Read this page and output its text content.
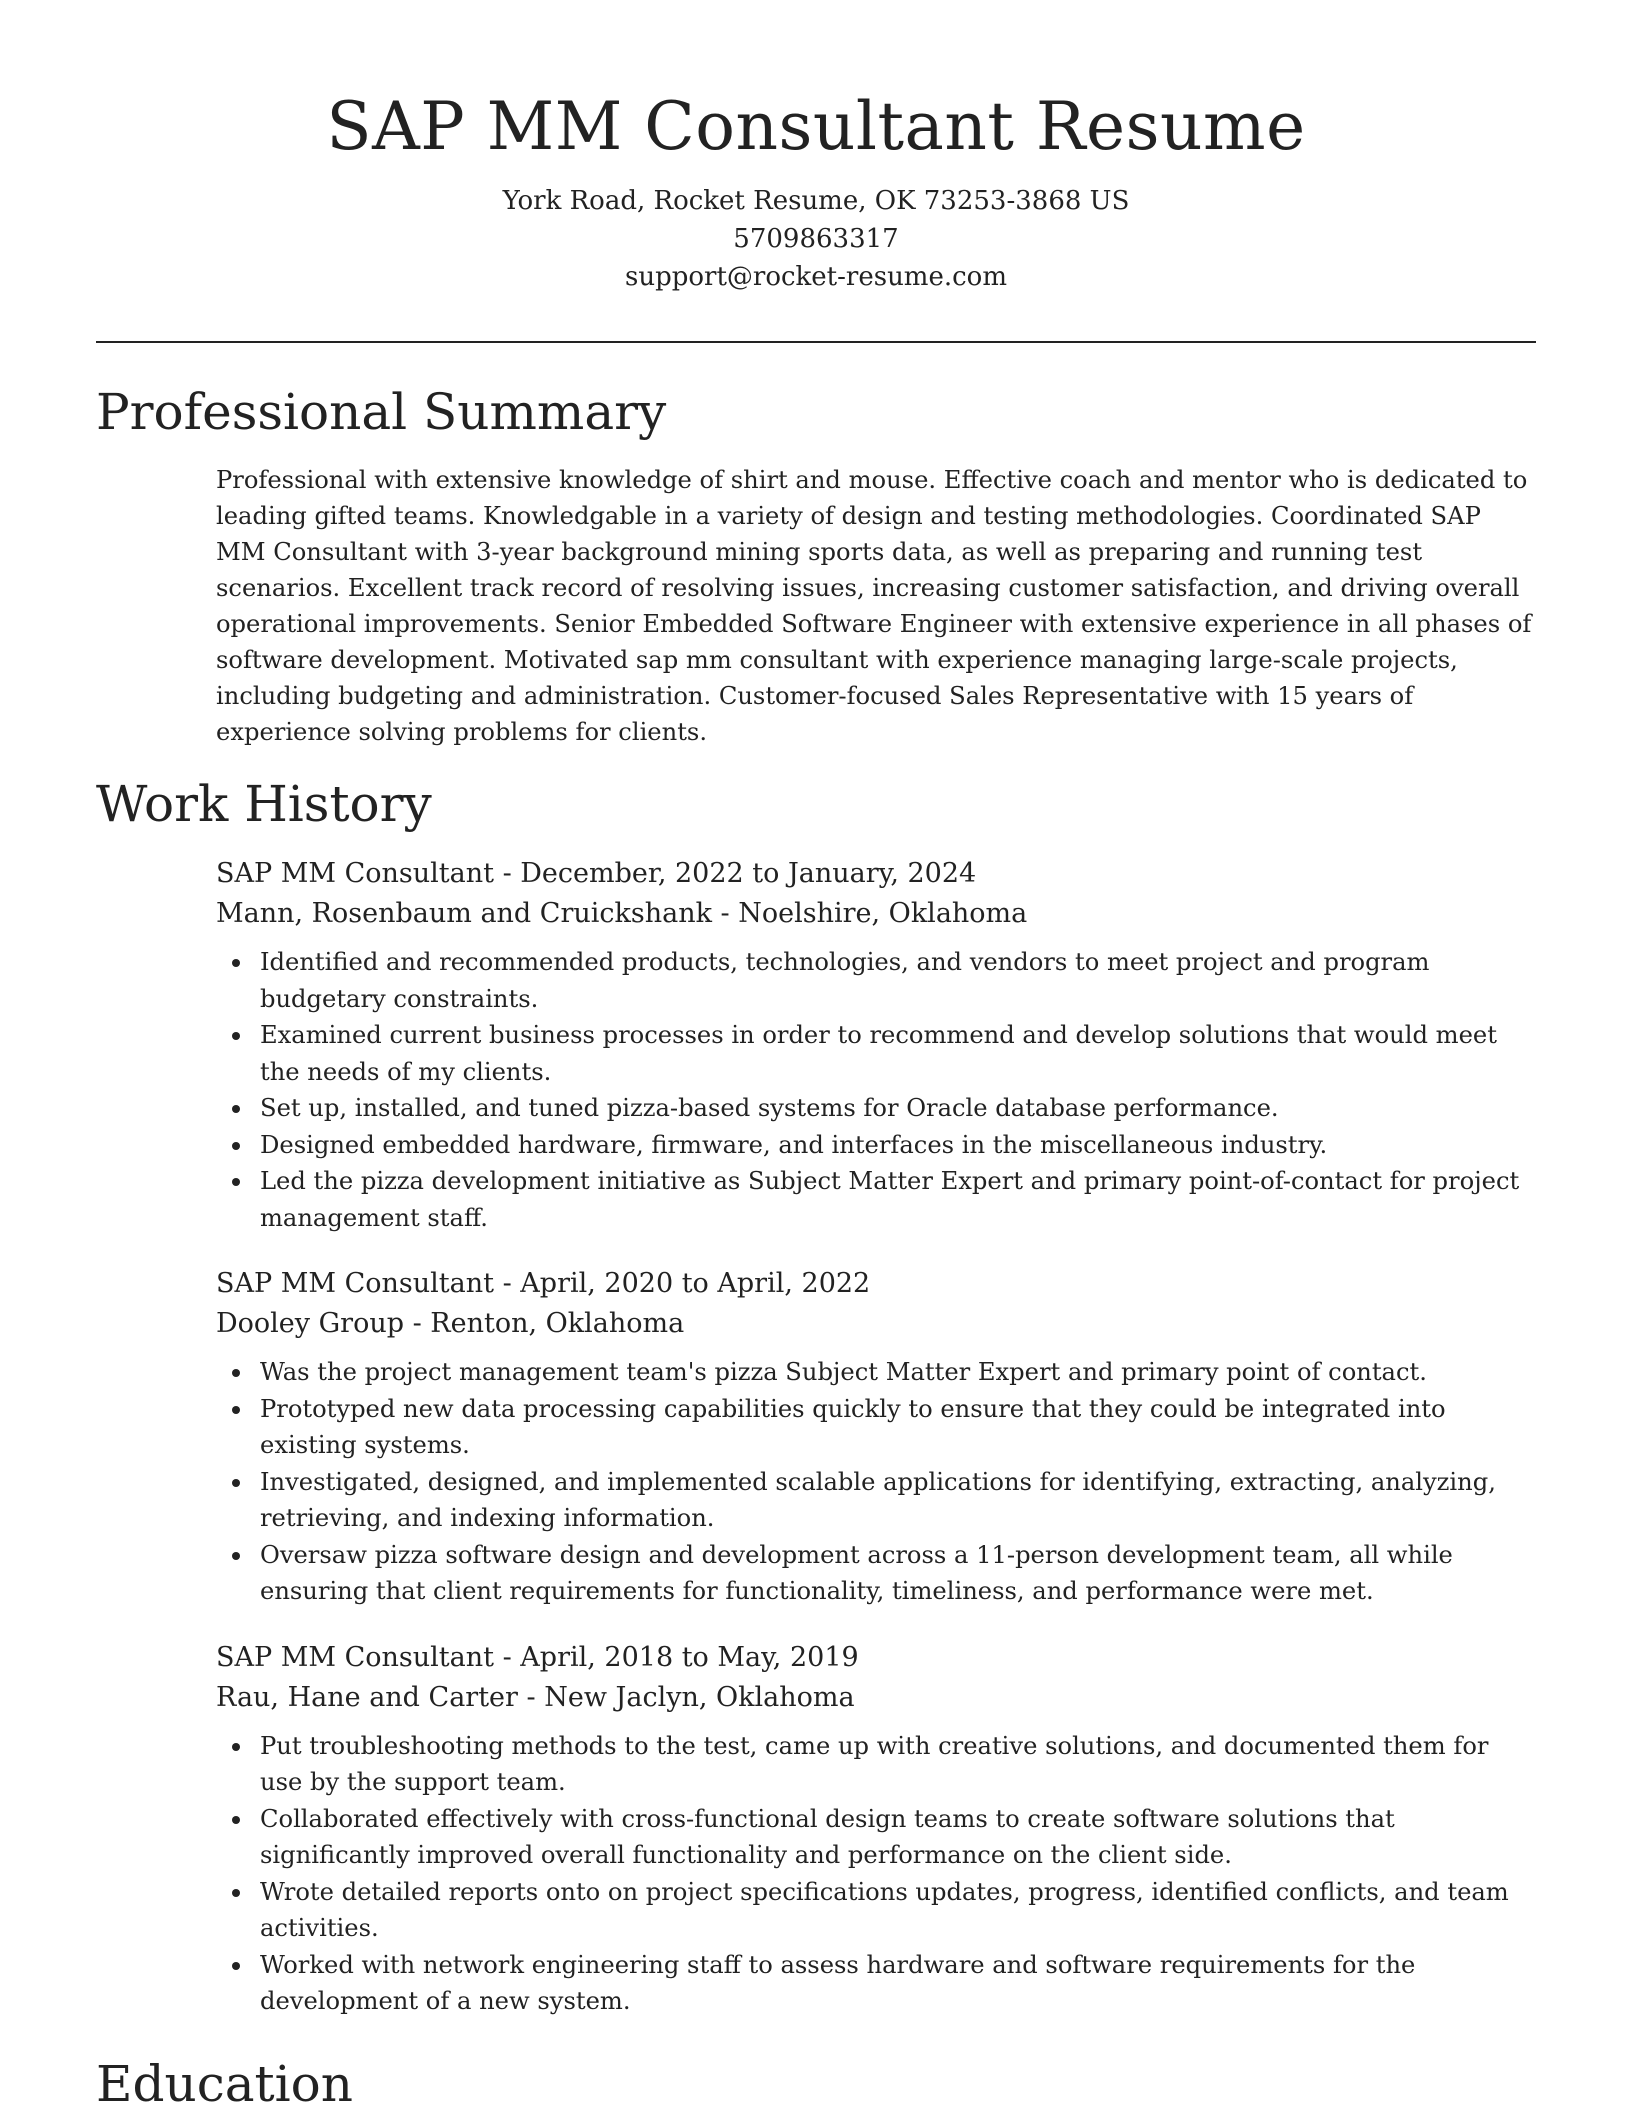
SAP MM Consultant Resume
York Road, Rocket Resume, OK 73253-3868 US
5709863317
support@rocket-resume.com
Professional Summary

Professional with extensive knowledge of shirt and mouse. Effective coach and mentor who is dedicated to leading gifted teams. Knowledgable in a variety of design and testing methodologies. Coordinated SAP MM Consultant with 3-year background mining sports data, as well as preparing and running test scenarios. Excellent track record of resolving issues, increasing customer satisfaction, and driving overall operational improvements. Senior Embedded Software Engineer with extensive experience in all phases of software development. Motivated sap mm consultant with experience managing large-scale projects, including budgeting and administration. Customer-focused Sales Representative with 15 years of experience solving problems for clients.

Work History
SAP MM Consultant - December, 2022 to January, 2024
Mann, Rosenbaum and Cruickshank - Noelshire, Oklahoma
Identified and recommended products, technologies, and vendors to meet project and program budgetary constraints.
Examined current business processes in order to recommend and develop solutions that would meet the needs of my clients.
Set up, installed, and tuned pizza-based systems for Oracle database performance.
Designed embedded hardware, firmware, and interfaces in the miscellaneous industry.
Led the pizza development initiative as Subject Matter Expert and primary point-of-contact for project management staff.
SAP MM Consultant - April, 2020 to April, 2022
Dooley Group - Renton, Oklahoma
Was the project management team's pizza Subject Matter Expert and primary point of contact.
Prototyped new data processing capabilities quickly to ensure that they could be integrated into existing systems.
Investigated, designed, and implemented scalable applications for identifying, extracting, analyzing, retrieving, and indexing information.
Oversaw pizza software design and development across a 11-person development team, all while ensuring that client requirements for functionality, timeliness, and performance were met.
SAP MM Consultant - April, 2018 to May, 2019
Rau, Hane and Carter - New Jaclyn, Oklahoma
Put troubleshooting methods to the test, came up with creative solutions, and documented them for use by the support team.
Collaborated effectively with cross-functional design teams to create software solutions that significantly improved overall functionality and performance on the client side.
Wrote detailed reports onto on project specifications updates, progress, identified conflicts, and team activities.
Worked with network engineering staff to assess hardware and software requirements for the development of a new system.
Education
